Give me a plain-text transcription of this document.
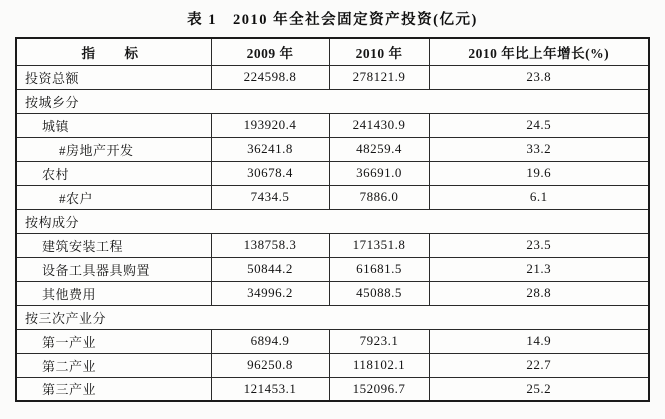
表 1　2010 年全社会固定资产投资(亿元)
指　标	2009 年	2010 年	2010 年比上年增长(%)
投资总额	224598.8	278121.9	23.8
按城乡分			
城镇	193920.4	241430.9	24.5
#房地产开发	36241.8	48259.4	33.2
农村	30678.4	36691.0	19.6
#农户	7434.5	7886.0	6.1
按构成分			
建筑安装工程	138758.3	171351.8	23.5
设备工具器具购置	50844.2	61681.5	21.3
其他费用	34996.2	45088.5	28.8
按三次产业分			
第一产业	6894.9	7923.1	14.9
第二产业	96250.8	118102.1	22.7
第三产业	121453.1	152096.7	25.2
